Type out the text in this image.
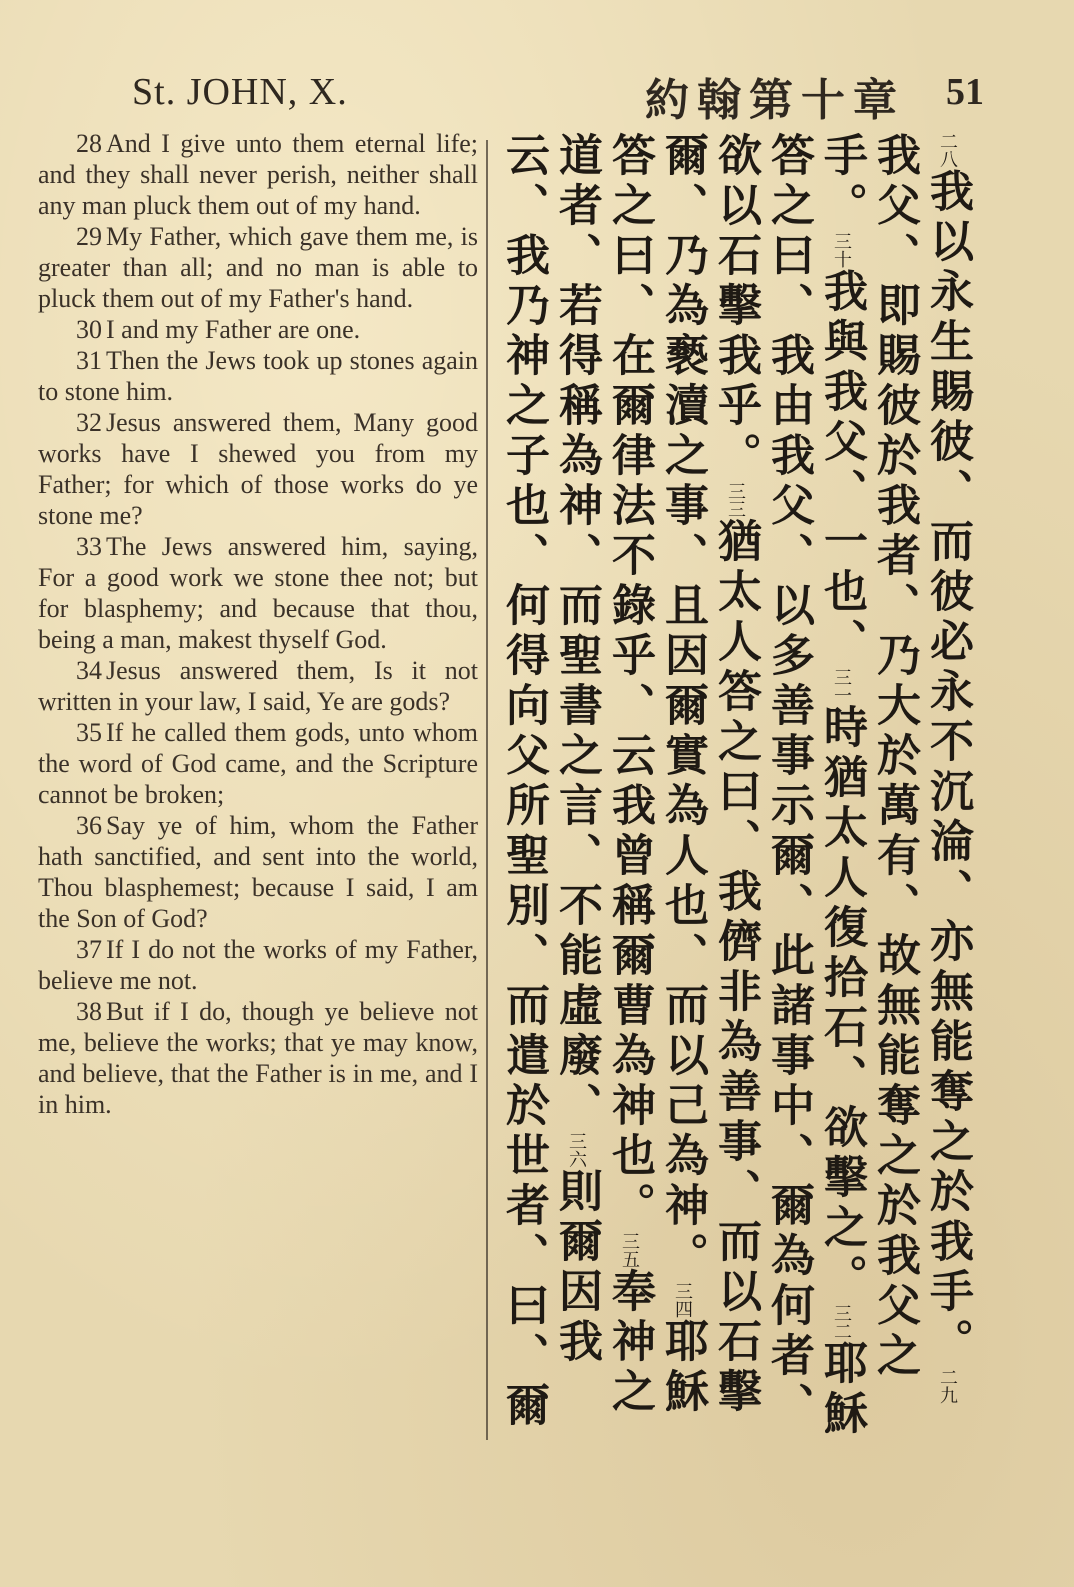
St. JOHN, X.	約翰第十章 51

28 And I give unto them eternal life; and they shall never perish, neither shall any man pluck them out of my hand.

29 My Father, which gave them me, is greater than all; and no man is able to pluck them out of my Father's hand.

30 I and my Father are one.

31 Then the Jews took up stones again to stone him.

32 Jesus answered them, Many good works have I shewed you from my Father; for which of those works do ye stone me?

33 The Jews answered him, saying, For a good work we stone thee not; but for blasphemy; and because that thou, being a man, makest thyself God.

34 Jesus answered them, Is it not written in your law, I said, Ye are gods?

35 If he called them gods, unto whom the word of God came, and the Scripture cannot be broken;

36 Say ye of him, whom the Father hath sanctified, and sent into the world, Thou blasphemest; because I said, I am the Son of God?

37 If I do not the works of my Father, believe me not.

38 But if I do, though ye believe not me, believe the works; that ye may know, and believe, that the Father is in me, and I in him.

二八我以永生賜彼、而彼必永不沉淪、亦無能奪之於我手。二九我父、即賜彼於我者、乃大於萬有、故無能奪之於我父之手。三十我與我父、一也、三一時猶太人復拾石、欲擊之。三二耶穌答之曰、我由我父、以多善事示爾、此諸事中、爾為何者、欲以石擊我乎。三三猶太人答之曰、我儕非為善事、而以石擊爾、乃為褻瀆之事、且因爾實為人也、而以己為神。三四耶穌答之曰、在爾律法不錄乎、云我曾稱爾曹為神也。三五奉神之道者、若得稱為神、而聖書之言、不能虛廢、三六則爾因我云、我乃神之子也、何得向父所聖別、而遣於世者、曰、爾
